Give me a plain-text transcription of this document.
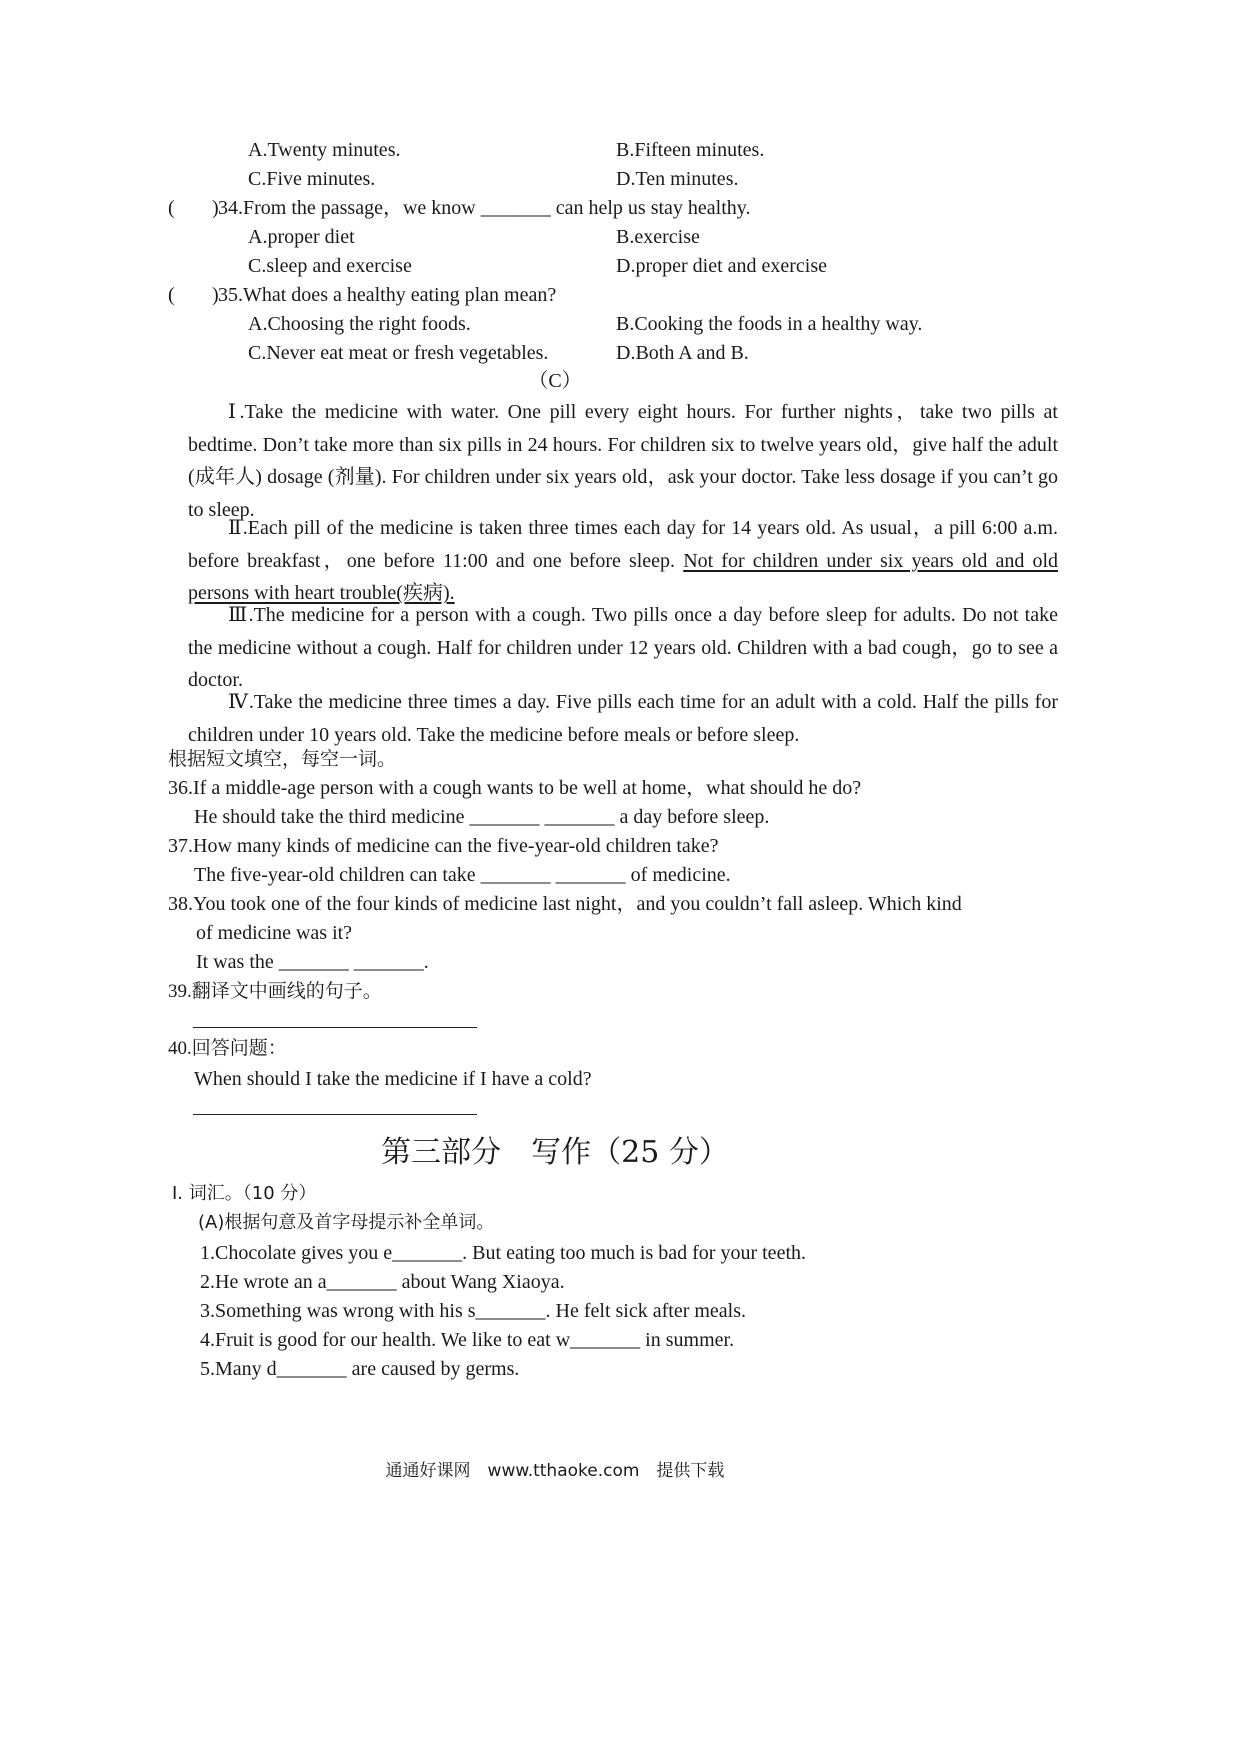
A.Twenty minutes.	B.Fifteen minutes.
C.Five minutes.	D.Ten minutes.
( ) 34.From the passage，we know _______ can help us stay healthy.
A.proper diet	B.exercise
C.sleep and exercise	D.proper diet and exercise
( ) 35.What does a healthy eating plan mean?
A.Choosing the right foods.	B.Cooking the foods in a healthy way.
C.Never eat meat or fresh vegetables.	D.Both A and B.
（C）
Ⅰ.Take the medicine with water. One pill every eight hours. For further nights，take two pills at bedtime. Don’t take more than six pills in 24 hours. For children six to twelve years old，give half the adult (成年人) dosage (剂量). For children under six years old，ask your doctor. Take less dosage if you can’t go to sleep.
Ⅱ.Each pill of the medicine is taken three times each day for 14 years old. As usual，a pill 6:00 a.m. before breakfast，one before 11:00 and one before sleep. Not for children under six years old and old persons with heart trouble(疾病).
Ⅲ.The medicine for a person with a cough. Two pills once a day before sleep for adults. Do not take the medicine without a cough. Half for children under 12 years old. Children with a bad cough，go to see a doctor.
Ⅳ.Take the medicine three times a day. Five pills each time for an adult with a cold. Half the pills for children under 10 years old. Take the medicine before meals or before sleep.
根据短文填空，每空一词。
36.If a middle-age person with a cough wants to be well at home，what should he do?
He should take the third medicine _______ _______ a day before sleep.
37.How many kinds of medicine can the five-year-old children take?
The five-year-old children can take _______ _______ of medicine.
38.You took one of the four kinds of medicine last night，and you couldn’t fall asleep. Which kind
of medicine was it?
It was the _______ _______.
39.翻译文中画线的句子。
40.回答问题：
When should I take the medicine if I have a cold?
第三部分　写作（25 分）
Ⅰ. 词汇。（10 分）
(A)根据句意及首字母提示补全单词。
1.Chocolate gives you e_______. But eating too much is bad for your teeth.
2.He wrote an a_______ about Wang Xiaoya.
3.Something was wrong with his s_______. He felt sick after meals.
4.Fruit is good for our health. We like to eat w_______ in summer.
5.Many d_______ are caused by germs.
通通好课网　www.tthaoke.com　提供下载
